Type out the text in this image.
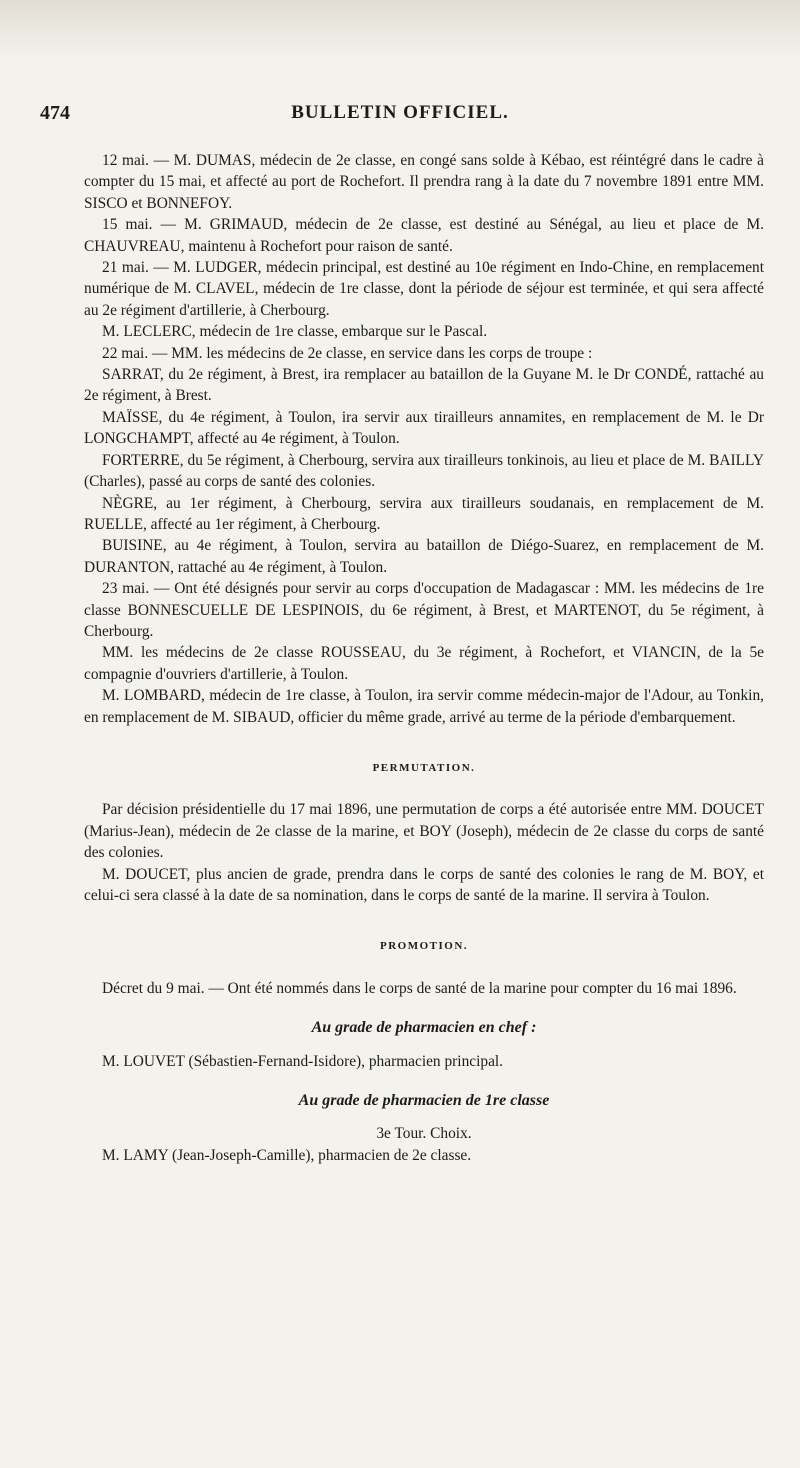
474	BULLETIN OFFICIEL.

12 mai. — M. DUMAS, médecin de 2e classe, en congé sans solde à Kébao, est réintégré dans le cadre à compter du 15 mai, et affecté au port de Rochefort. Il prendra rang à la date du 7 novembre 1891 entre MM. SISCO et BONNEFOY.

15 mai. — M. GRIMAUD, médecin de 2e classe, est destiné au Sénégal, au lieu et place de M. CHAUVREAU, maintenu à Rochefort pour raison de santé.

21 mai. — M. LUDGER, médecin principal, est destiné au 10e régiment en Indo-Chine, en remplacement numérique de M. CLAVEL, médecin de 1re classe, dont la période de séjour est terminée, et qui sera affecté au 2e régiment d'artillerie, à Cherbourg.

M. LECLERC, médecin de 1re classe, embarque sur le Pascal.

22 mai. — MM. les médecins de 2e classe, en service dans les corps de troupe :

SARRAT, du 2e régiment, à Brest, ira remplacer au bataillon de la Guyane M. le Dr CONDÉ, rattaché au 2e régiment, à Brest.

MAÏSSE, du 4e régiment, à Toulon, ira servir aux tirailleurs annamites, en remplacement de M. le Dr LONGCHAMPT, affecté au 4e régiment, à Toulon.

FORTERRE, du 5e régiment, à Cherbourg, servira aux tirailleurs tonkinois, au lieu et place de M. BAILLY (Charles), passé au corps de santé des colonies.

NÈGRE, au 1er régiment, à Cherbourg, servira aux tirailleurs soudanais, en remplacement de M. RUELLE, affecté au 1er régiment, à Cherbourg.

BUISINE, au 4e régiment, à Toulon, servira au bataillon de Diégo-Suarez, en remplacement de M. DURANTON, rattaché au 4e régiment, à Toulon.

23 mai. — Ont été désignés pour servir au corps d'occupation de Madagascar : MM. les médecins de 1re classe BONNESCUELLE DE LESPINOIS, du 6e régiment, à Brest, et MARTENOT, du 5e régiment, à Cherbourg.

MM. les médecins de 2e classe ROUSSEAU, du 3e régiment, à Rochefort, et VIANCIN, de la 5e compagnie d'ouvriers d'artillerie, à Toulon.

M. LOMBARD, médecin de 1re classe, à Toulon, ira servir comme médecin-major de l'Adour, au Tonkin, en remplacement de M. SIBAUD, officier du même grade, arrivé au terme de la période d'embarquement.

PERMUTATION.

Par décision présidentielle du 17 mai 1896, une permutation de corps a été autorisée entre MM. DOUCET (Marius-Jean), médecin de 2e classe de la marine, et BOY (Joseph), médecin de 2e classe du corps de santé des colonies.

M. DOUCET, plus ancien de grade, prendra dans le corps de santé des colonies le rang de M. BOY, et celui-ci sera classé à la date de sa nomination, dans le corps de santé de la marine. Il servira à Toulon.

PROMOTION.

Décret du 9 mai. — Ont été nommés dans le corps de santé de la marine pour compter du 16 mai 1896.

Au grade de pharmacien en chef :

M. LOUVET (Sébastien-Fernand-Isidore), pharmacien principal.

Au grade de pharmacien de 1re classe

3e Tour. Choix.

M. LAMY (Jean-Joseph-Camille), pharmacien de 2e classe.
